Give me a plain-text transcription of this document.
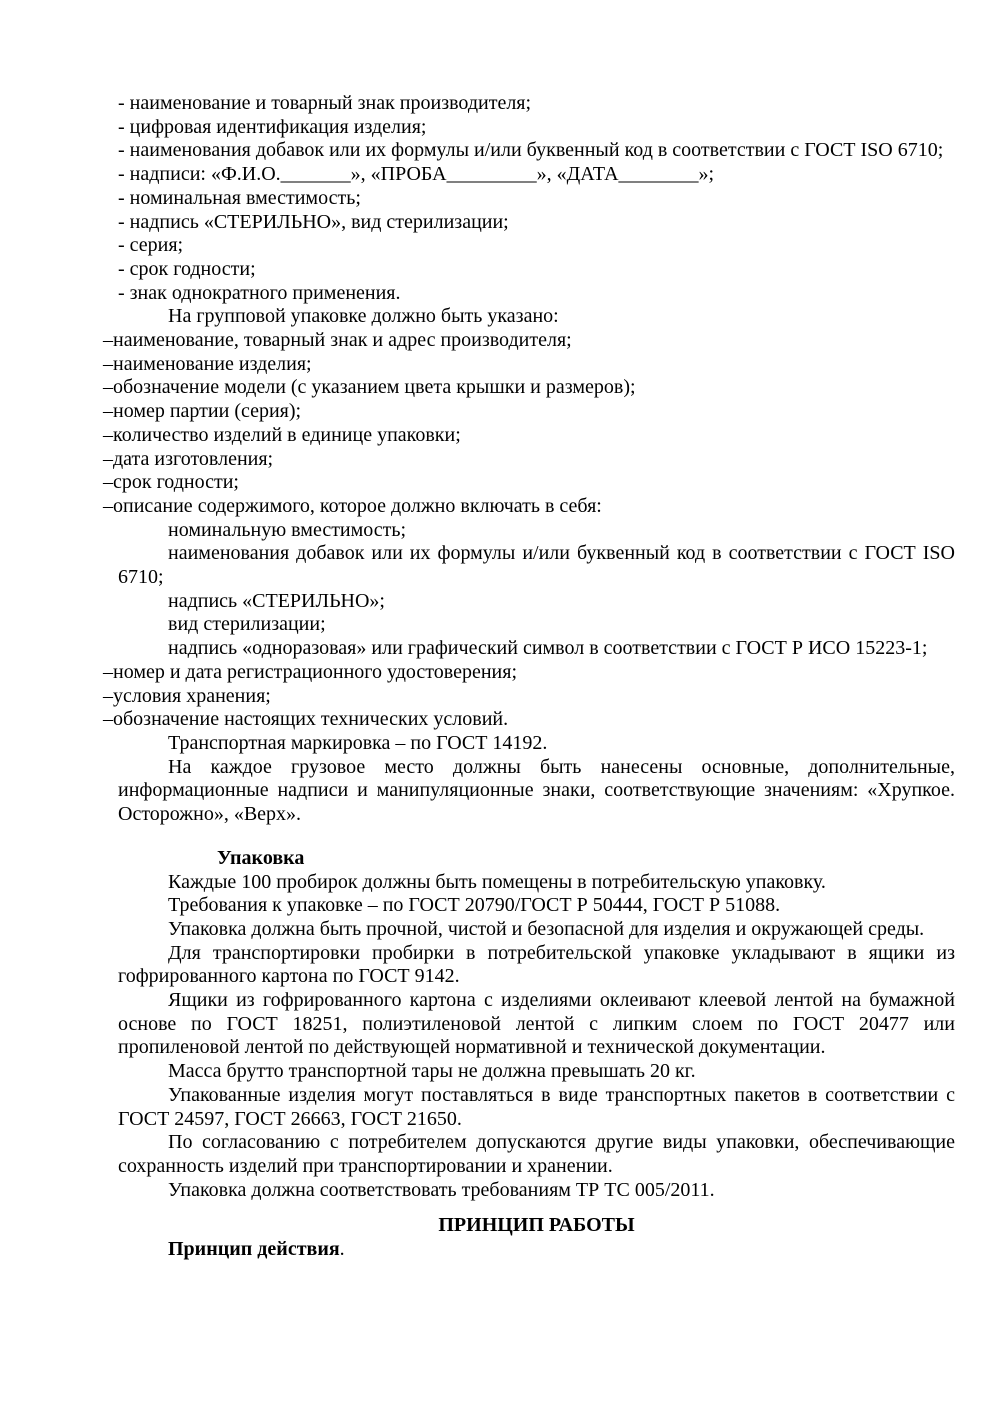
- наименование и товарный знак производителя;

- цифровая идентификация изделия;

- наименования добавок или их формулы и/или буквенный код в соответствии с ГОСТ ISO 6710;

- надписи: «Ф.И.О._______», «ПРОБА_________», «ДАТА________»;

- номинальная вместимость;

- надпись «СТЕРИЛЬНО», вид стерилизации;

- серия;

- срок годности;

- знак однократного применения.

На групповой упаковке должно быть указано:

–наименование, товарный знак и адрес производителя;

–наименование изделия;

–обозначение модели (с указанием цвета крышки и размеров);

–номер партии (серия);

–количество изделий в единице упаковки;

–дата изготовления;

–срок годности;

–описание содержимого, которое должно включать в себя:

номинальную вместимость;

наименования добавок или их формулы и/или буквенный код в соответствии с ГОСТ ISO 6710;

надпись «СТЕРИЛЬНО»;

вид стерилизации;

надпись «одноразовая» или графический символ в соответствии с ГОСТ Р ИСО 15223-1;

–номер и дата регистрационного удостоверения;

–условия хранения;

–обозначение настоящих технических условий.

Транспортная маркировка – по ГОСТ 14192.

На каждое грузовое место должны быть нанесены основные, дополнительные, информационные надписи и манипуляционные знаки, соответствующие значениям: «Хрупкое. Осторожно», «Верх».

Упаковка

Каждые 100 пробирок должны быть помещены в потребительскую упаковку.

Требования к упаковке – по ГОСТ 20790/ГОСТ Р 50444, ГОСТ Р 51088.

Упаковка должна быть прочной, чистой и безопасной для изделия и окружающей среды.

Для транспортировки пробирки в потребительской упаковке укладывают в ящики из гофрированного картона по ГОСТ 9142.

Ящики из гофрированного картона с изделиями оклеивают клеевой лентой на бумажной основе по ГОСТ 18251, полиэтиленовой лентой с липким слоем по ГОСТ 20477 или пропиленовой лентой по действующей нормативной и технической документации.

Масса брутто транспортной тары не должна превышать 20 кг.

Упакованные изделия могут поставляться в виде транспортных пакетов в соответствии с ГОСТ 24597, ГОСТ 26663, ГОСТ 21650.

По согласованию с потребителем допускаются другие виды упаковки, обеспечивающие сохранность изделий при транспортировании и хранении.

Упаковка должна соответствовать требованиям ТР ТС 005/2011.

ПРИНЦИП РАБОТЫ

Принцип действия.
